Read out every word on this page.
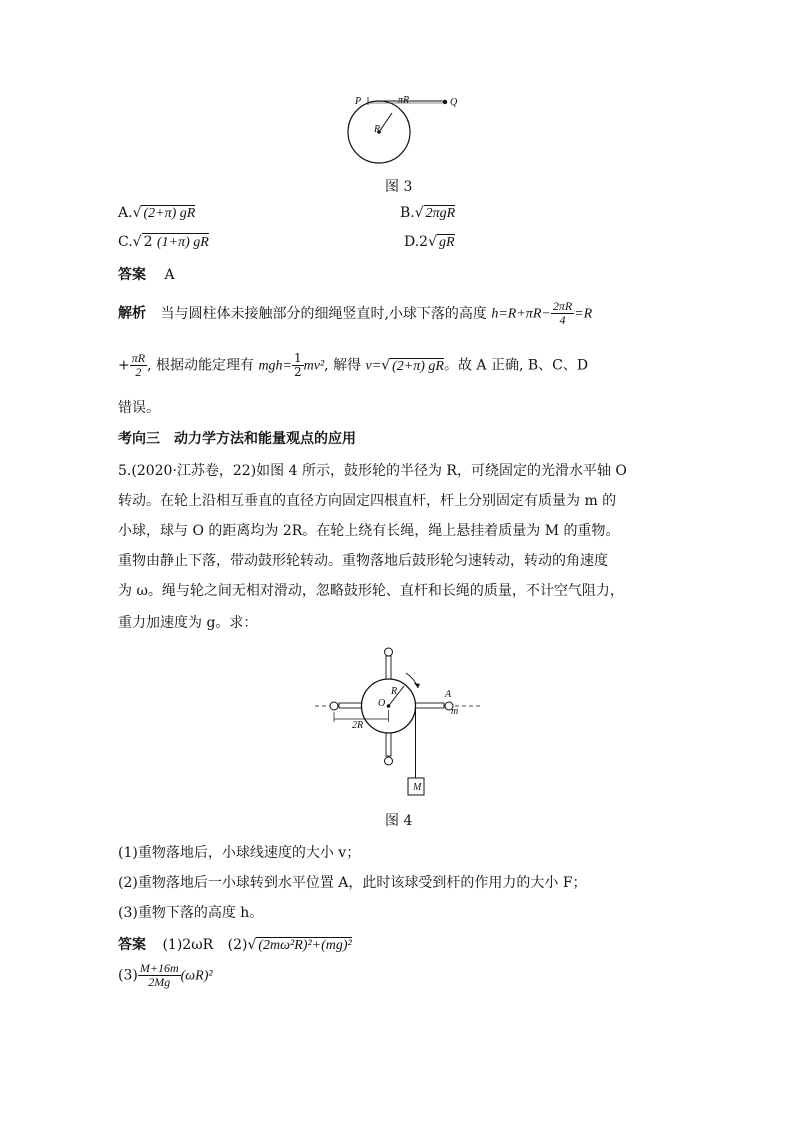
P	πR	Q
R
图 3
A.√ (2+π) gR	B.√ 2πgR
C.√ 2 (1+π) gR	D.2√ gR
答案 A
解析 当与圆柱体未接触部分的细绳竖直时,小球下落的高度 $h=R+\pi R- \frac{2\pi R}{4} =R$
+ $\frac{\pi R}{2}$ , 根据动能定理有 $mgh= \frac{1}{2} mv^2$, 解得 v=√ (2+π) gR。故 A 正确, B、C、D
错误。
考向三　动力学方法和能量观点的应用
5.(2020·江苏卷，22)如图 4 所示，鼓形轮的半径为 R，可绕固定的光滑水平轴 O
转动。在轮上沿相互垂直的直径方向固定四根直杆，杆上分别固定有质量为 m 的
小球，球与 O 的距离均为 2R。在轮上绕有长绳，绳上悬挂着质量为 M 的重物。
重物由静止下落，带动鼓形轮转动。重物落地后鼓形轮匀速转动，转动的角速度
为 ω。绳与轮之间无相对滑动，忽略鼓形轮、直杆和长绳的质量，不计空气阻力，
重力加速度为 g。求：
R
O
A
m
2R
M
图 4
(1)重物落地后，小球线速度的大小 v；
(2)重物落地后一小球转到水平位置 A，此时该球受到杆的作用力的大小 F；
(3)重物下落的高度 h。
答案 (1)2ωR (2)√ (2mω²R)²+(mg)²
$(3) \frac{M+16m}{2Mg} (\omega R)^2$
